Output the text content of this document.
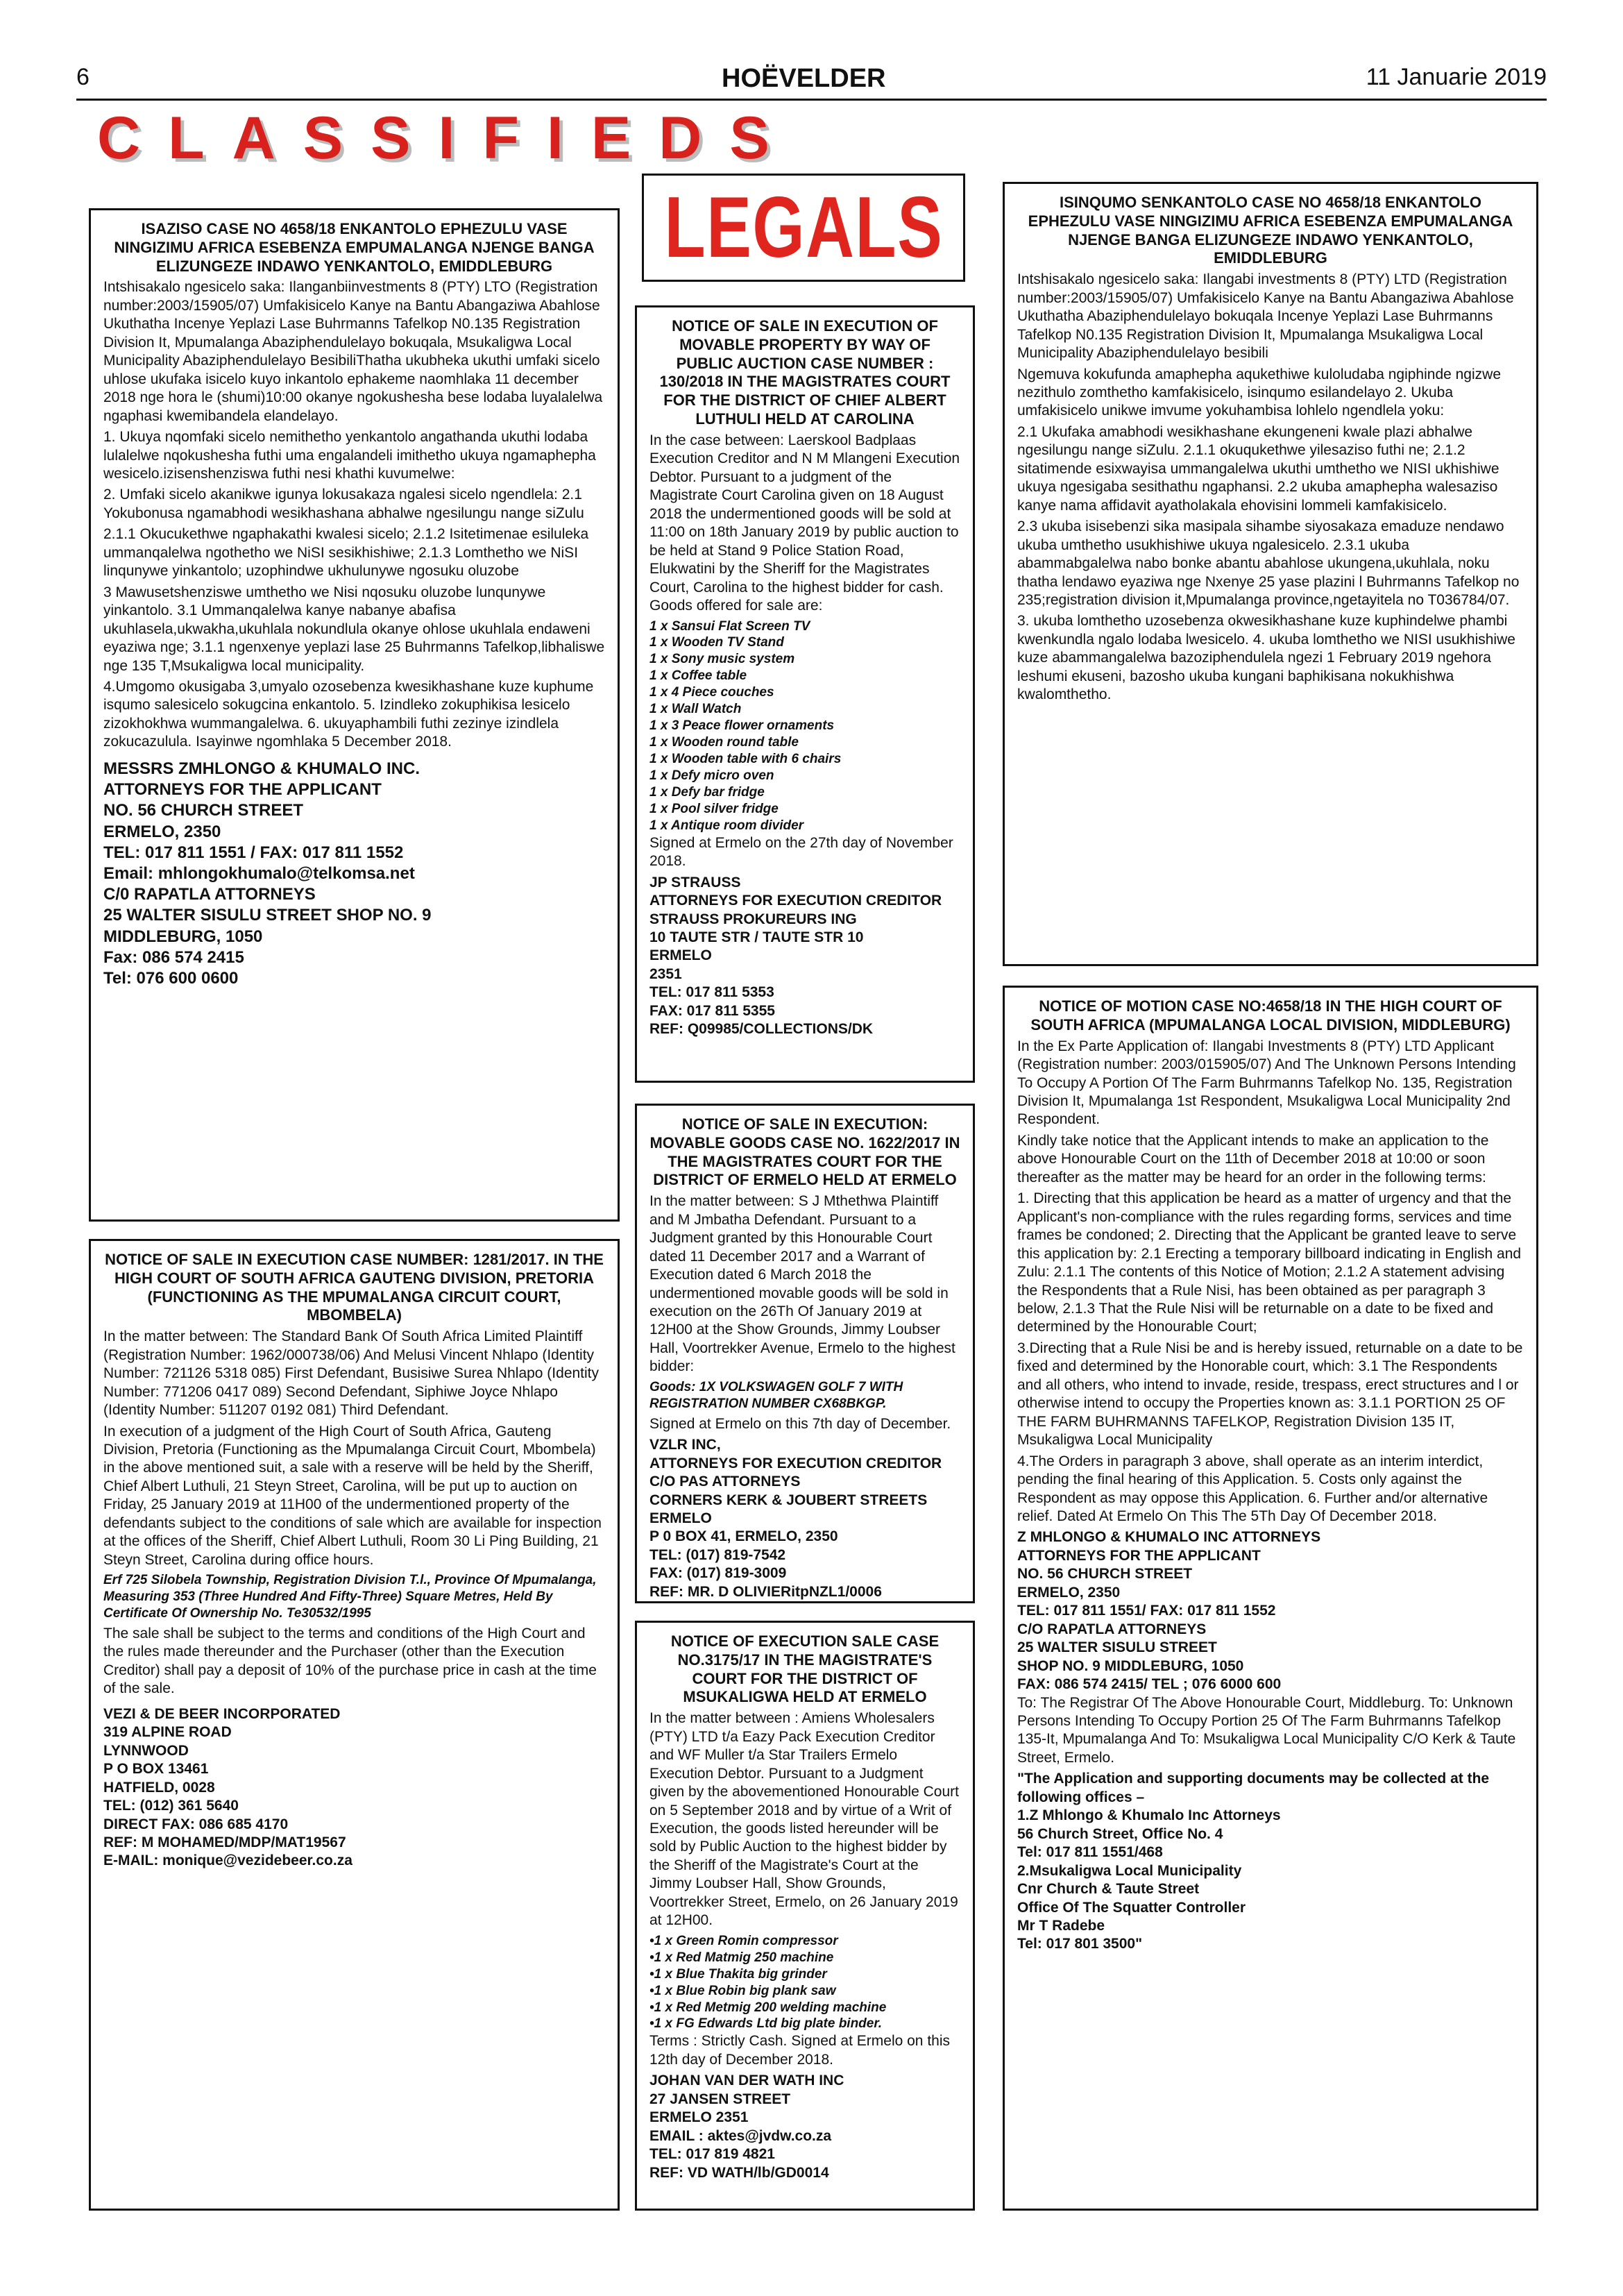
6	HOËVELDER	11 Januarie 2019
C L A S S I F I E D S
LEGALS
ISAZISO CASE NO 4658/18 ENKANTOLO EPHEZULU VASE NINGIZIMU AFRICA ESEBENZA EMPUMALANGA NJENGE BANGA ELIZUNGEZE INDAWO YENKANTOLO, EMIDDLEBURG

Intshisakalo ngesicelo saka: Ilanganbiinvestments 8 (PTY) LTO (Registration number:2003/15905/07) Umfakisicelo Kanye na Bantu Abangaziwa Abahlose Ukuthatha Incenye Yeplazi Lase Buhrmanns Tafelkop N0.135 Registration Division It, Mpumalanga Abaziphendulelayo bokuqala, Msukaligwa Local Municipality Abaziphendulelayo BesibiliThatha ukubheka ukuthi umfaki sicelo uhlose ukufaka isicelo kuyo inkantolo ephakeme naomhlaka 11 december 2018 nge hora le (shumi)10:00 okanye ngokushesha bese lodaba luyalalelwa ngaphasi kwemibandela elandelayo.

1. Ukuya nqomfaki sicelo nemithetho yenkantolo angathanda ukuthi lodaba lulalelwe nqokushesha futhi uma engalandeli imithetho ukuya ngamaphepha wesicelo.izisenshenziswa futhi nesi khathi kuvumelwe:

2. Umfaki sicelo akanikwe igunya lokusakaza ngalesi sicelo ngendlela: 2.1 Yokubonusa ngamabhodi wesikhashana abhalwe ngesilungu nange siZulu

2.1.1 Okucukethwe ngaphakathi kwalesi sicelo; 2.1.2 Isitetimenae esiluleka ummanqalelwa ngothetho we NiSI sesikhishiwe; 2.1.3 Lomthetho we NiSI linqunywe yinkantolo; uzophindwe ukhulunywe ngosuku oluzobe

3 Mawusetshenziswe umthetho we Nisi nqosuku oluzobe lunqunywe yinkantolo. 3.1 Ummanqalelwa kanye nabanye abafisa ukuhlasela,ukwakha,ukuhlala nokundlula okanye ohlose ukuhlala endaweni eyaziwa nge; 3.1.1 ngenxenye yeplazi lase 25 Buhrmanns Tafelkop,libhaliswe nge 135 T,Msukaligwa local municipality.

4.Umgomo okusigaba 3,umyalo ozosebenza kwesikhashane kuze kuphume isqumo salesicelo sokugcina enkantolo. 5. Izindleko zokuphikisa lesicelo zizokhokhwa wummangalelwa. 6. ukuyaphambili futhi zezinye izindlela zokucazulula. Isayinwe ngomhlaka 5 December 2018.

MESSRS ZMHLONGO & KHUMALO INC.
ATTORNEYS FOR THE APPLICANT
NO. 56 CHURCH STREET
ERMELO, 2350
TEL: 017 811 1551 / FAX: 017 811 1552
Email: mhlongokhumalo@telkomsa.net
C/0 RAPATLA ATTORNEYS
25 WALTER SISULU STREET SHOP NO. 9
MIDDLEBURG, 1050
Fax: 086 574 2415
Tel: 076 600 0600
NOTICE OF SALE IN EXECUTION CASE NUMBER: 1281/2017. IN THE HIGH COURT OF SOUTH AFRICA GAUTENG DIVISION, PRETORIA (FUNCTIONING AS THE MPUMALANGA CIRCUIT COURT, MBOMBELA)

In the matter between: The Standard Bank Of South Africa Limited Plaintiff (Registration Number: 1962/000738/06) And Melusi Vincent Nhlapo (Identity Number: 721126 5318 085) First Defendant, Busisiwe Surea Nhlapo (Identity Number: 771206 0417 089) Second Defendant, Siphiwe Joyce Nhlapo (Identity Number: 511207 0192 081) Third Defendant.

In execution of a judgment of the High Court of South Africa, Gauteng Division, Pretoria (Functioning as the Mpumalanga Circuit Court, Mbombela) in the above mentioned suit, a sale with a reserve will be held by the Sheriff, Chief Albert Luthuli, 21 Steyn Street, Carolina, will be put up to auction on Friday, 25 January 2019 at 11H00 of the undermentioned property of the defendants subject to the conditions of sale which are available for inspection at the offices of the Sheriff, Chief Albert Luthuli, Room 30 Li Ping Building, 21 Steyn Street, Carolina during office hours.

Erf 725 Silobela Township, Registration Division T.l., Province Of Mpumalanga, Measuring 353 (Three Hundred And Fifty-Three) Square Metres, Held By Certificate Of Ownership No. Te30532/1995

The sale shall be subject to the terms and conditions of the High Court and the rules made thereunder and the Purchaser (other than the Execution Creditor) shall pay a deposit of 10% of the purchase price in cash at the time of the sale.

VEZI & DE BEER INCORPORATED
319 ALPINE ROAD
LYNNWOOD
P O BOX 13461
HATFIELD, 0028
TEL: (012) 361 5640
DIRECT FAX: 086 685 4170
REF: M MOHAMED/MDP/MAT19567
E-MAIL: monique@vezidebeer.co.za
NOTICE OF SALE IN EXECUTION OF MOVABLE PROPERTY BY WAY OF PUBLIC AUCTION CASE NUMBER : 130/2018 IN THE MAGISTRATES COURT FOR THE DISTRICT OF CHIEF ALBERT LUTHULI HELD AT CAROLINA

In the case between: Laerskool Badplaas Execution Creditor and N M Mlangeni Execution Debtor. Pursuant to a judgment of the Magistrate Court Carolina given on 18 August 2018 the undermentioned goods will be sold at 11:00 on 18th January 2019 by public auction to be held at Stand 9 Police Station Road, Elukwatini by the Sheriff for the Magistrates Court, Carolina to the highest bidder for cash. Goods offered for sale are:

1 x Sansui Flat Screen TV
1 x Wooden TV Stand
1 x Sony music system
1 x Coffee table
1 x 4 Piece couches
1 x Wall Watch
1 x 3 Peace flower ornaments
1 x Wooden round table
1 x Wooden table with 6 chairs
1 x Defy micro oven
1 x Defy bar fridge
1 x Pool silver fridge
1 x Antique room divider

Signed at Ermelo on the 27th day of November 2018.

JP STRAUSS
ATTORNEYS FOR EXECUTION CREDITOR
STRAUSS PROKUREURS ING
10 TAUTE STR / TAUTE STR 10
ERMELO
2351
TEL: 017 811 5353
FAX: 017 811 5355
REF: Q09985/COLLECTIONS/DK
NOTICE OF SALE IN EXECUTION: MOVABLE GOODS CASE NO. 1622/2017 IN THE MAGISTRATES COURT FOR THE DISTRICT OF ERMELO HELD AT ERMELO

In the matter between: S J Mthethwa Plaintiff and M Jmbatha Defendant. Pursuant to a Judgment granted by this Honourable Court dated 11 December 2017 and a Warrant of Execution dated 6 March 2018 the undermentioned movable goods will be sold in execution on the 26Th Of January 2019 at 12H00 at the Show Grounds, Jimmy Loubser Hall, Voortrekker Avenue, Ermelo to the highest bidder:

Goods: 1X VOLKSWAGEN GOLF 7 WITH REGISTRATION NUMBER CX68BKGP.

Signed at Ermelo on this 7th day of December.

VZLR INC,
ATTORNEYS FOR EXECUTION CREDITOR
C/O PAS ATTORNEYS
CORNERS KERK & JOUBERT STREETS
ERMELO
P 0 BOX 41, ERMELO, 2350
TEL: (017) 819-7542
FAX: (017) 819-3009
REF: MR. D OLIVIERitpNZL1/0006
NOTICE OF EXECUTION SALE CASE NO.3175/17 IN THE MAGISTRATE'S COURT FOR THE DISTRICT OF MSUKALIGWA HELD AT ERMELO

In the matter between : Amiens Wholesalers (PTY) LTD t/a Eazy Pack Execution Creditor and WF Muller t/a Star Trailers Ermelo Execution Debtor. Pursuant to a Judgment given by the abovementioned Honourable Court on 5 September 2018 and by virtue of a Writ of Execution, the goods listed hereunder will be sold by Public Auction to the highest bidder by the Sheriff of the Magistrate's Court at the Jimmy Loubser Hall, Show Grounds, Voortrekker Street, Ermelo, on 26 January 2019 at 12H00.

•1 x Green Romin compressor
•1 x Red Matmig 250 machine
•1 x Blue Thakita big grinder
•1 x Blue Robin big plank saw
•1 x Red Metmig 200 welding machine
•1 x FG Edwards Ltd big plate binder.

Terms : Strictly Cash. Signed at Ermelo on this 12th day of December 2018.

JOHAN VAN DER WATH INC
27 JANSEN STREET
ERMELO 2351
EMAIL : aktes@jvdw.co.za
TEL: 017 819 4821
REF: VD WATH/lb/GD0014
ISINQUMO SENKANTOLO CASE NO 4658/18 ENKANTOLO EPHEZULU VASE NINGIZIMU AFRICA ESEBENZA EMPUMALANGA NJENGE BANGA ELIZUNGEZE INDAWO YENKANTOLO, EMIDDLEBURG

Intshisakalo ngesicelo saka: Ilangabi investments 8 (PTY) LTD (Registration number:2003/15905/07) Umfakisicelo Kanye na Bantu Abangaziwa Abahlose Ukuthatha Abaziphendulelayo bokuqala Incenye Yeplazi Lase Buhrmanns Tafelkop N0.135 Registration Division It, Mpumalanga Msukaligwa Local Municipality Abaziphendulelayo besibili

Ngemuva kokufunda amaphepha aqukethiwe kuloludaba ngiphinde ngizwe nezithulo zomthetho kamfakisicelo, isinqumo esilandelayo 2. Ukuba umfakisicelo unikwe imvume yokuhambisa lohlelo ngendlela yoku:

2.1 Ukufaka amabhodi wesikhashane ekungeneni kwale plazi abhalwe ngesilungu nange siZulu. 2.1.1 okuqukethwe yilesaziso futhi ne; 2.1.2 sitatimende esixwayisa ummangalelwa ukuthi umthetho we NISI ukhishiwe ukuya ngesigaba sesithathu ngaphansi. 2.2 ukuba amaphepha walesaziso kanye nama affidavit ayatholakala ehovisini lommeli kamfakisicelo.

2.3 ukuba isisebenzi sika masipala sihambe siyosakaza emaduze nendawo ukuba umthetho usukhishiwe ukuya ngalesicelo. 2.3.1 ukuba abammabgalelwa nabo bonke abantu abahlose ukungena,ukuhlala, noku thatha lendawo eyaziwa nge Nxenye 25 yase plazini l Buhrmanns Tafelkop no 235;registration division it,Mpumalanga province,ngetayitela no T036784/07.

3. ukuba lomthetho uzosebenza okwesikhashane kuze kuphindelwe phambi kwenkundla ngalo lodaba lwesicelo. 4. ukuba lomthetho we NISI usukhishiwe kuze abammangalelwa bazoziphendulela ngezi 1 February 2019 ngehora leshumi ekuseni, bazosho ukuba kungani baphikisana nokukhishwa kwalomthetho.

NOTICE OF MOTION CASE NO:4658/18 IN THE HIGH COURT OF SOUTH AFRICA (MPUMALANGA LOCAL DIVISION, MIDDLEBURG)

In the Ex Parte Application of: Ilangabi Investments 8 (PTY) LTD Applicant (Registration number: 2003/015905/07) And The Unknown Persons Intending To Occupy A Portion Of The Farm Buhrmanns Tafelkop No. 135, Registration Division It, Mpumalanga 1st Respondent, Msukaligwa Local Municipality 2nd Respondent.

Kindly take notice that the Applicant intends to make an application to the above Honourable Court on the 11th of December 2018 at 10:00 or soon thereafter as the matter may be heard for an order in the following terms:

1. Directing that this application be heard as a matter of urgency and that the Applicant's non-compliance with the rules regarding forms, services and time frames be condoned; 2. Directing that the Applicant be granted leave to serve this application by: 2.1 Erecting a temporary billboard indicating in English and Zulu: 2.1.1 The contents of this Notice of Motion; 2.1.2 A statement advising the Respondents that a Rule Nisi, has been obtained as per paragraph 3 below, 2.1.3 That the Rule Nisi will be returnable on a date to be fixed and determined by the Honourable Court;

3.Directing that a Rule Nisi be and is hereby issued, returnable on a date to be fixed and determined by the Honorable court, which: 3.1 The Respondents and all others, who intend to invade, reside, trespass, erect structures and l or otherwise intend to occupy the Properties known as: 3.1.1 PORTION 25 OF THE FARM BUHRMANNS TAFELKOP, Registration Division 135 IT, Msukaligwa Local Municipality

4.The Orders in paragraph 3 above, shall operate as an interim interdict, pending the final hearing of this Application. 5. Costs only against the Respondent as may oppose this Application. 6. Further and/or alternative relief. Dated At Ermelo On This The 5Th Day Of December 2018.

Z MHLONGO & KHUMALO INC ATTORNEYS
ATTORNEYS FOR THE APPLICANT
NO. 56 CHURCH STREET
ERMELO, 2350
TEL: 017 811 1551/ FAX: 017 811 1552
C/O RAPATLA ATTORNEYS
25 WALTER SISULU STREET
SHOP NO. 9 MIDDLEBURG, 1050
FAX: 086 574 2415/ TEL ; 076 6000 600

To: The Registrar Of The Above Honourable Court, Middleburg. To: Unknown Persons Intending To Occupy Portion 25 Of The Farm Buhrmanns Tafelkop 135-It, Mpumalanga And To: Msukaligwa Local Municipality C/O Kerk & Taute Street, Ermelo.

"The Application and supporting documents may be collected at the following offices –
1.Z Mhlongo & Khumalo Inc Attorneys
56 Church Street, Office No. 4
Tel: 017 811 1551/468
2.Msukaligwa Local Municipality
Cnr Church & Taute Street
Office Of The Squatter Controller
Mr T Radebe
Tel: 017 801 3500"
